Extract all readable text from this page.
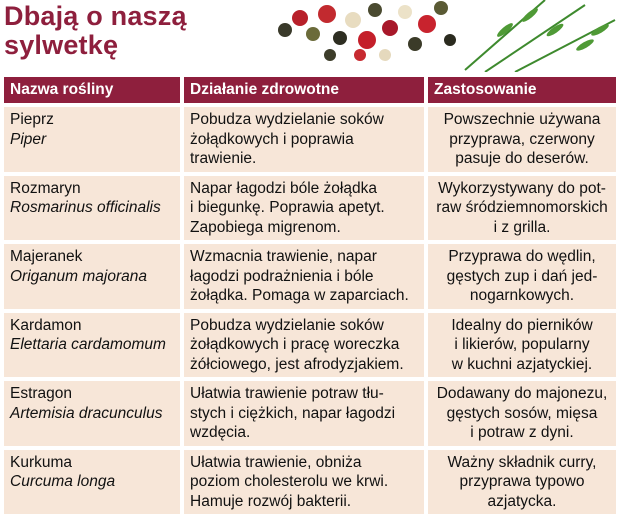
Dbają o naszą
sylwetkę
Nazwa rośliny	Działanie zdrowotne	Zastosowanie

Pieprz
Piper	Pobudza wydzielanie soków
żołądkowych i poprawia
trawienie.	Powszechnie używana
przyprawa, czerwony
pasuje do deserów.

Rozmaryn
Rosmarinus officinalis	Napar łagodzi bóle żołądka
i biegunkę. Poprawia apetyt.
Zapobiega migrenom.	Wykorzystywany do pot-
raw śródziemnomorskich
i z grilla.

Majeranek
Origanum majorana	Wzmacnia trawienie, napar
łagodzi podrażnienia i bóle
żołądka. Pomaga w zaparciach.	Przyprawa do wędlin,
gęstych zup i dań jed-
nogarnkowych.

Kardamon
Elettaria cardamomum	Pobudza wydzielanie soków
żołądkowych i pracę woreczka
żółciowego, jest afrodyzjakiem.	Idealny do pierników
i likierów, popularny
w kuchni azjatyckiej.

Estragon
Artemisia dracunculus	Ułatwia trawienie potraw tłu-
stych i ciężkich, napar łagodzi
wzdęcia.	Dodawany do majonezu,
gęstych sosów, mięsa
i potraw z dyni.

Kurkuma
Curcuma longa	Ułatwia trawienie, obniża
poziom cholesterolu we krwi.
Hamuje rozwój bakterii.	Ważny składnik curry,
przyprawa typowo
azjatycka.
